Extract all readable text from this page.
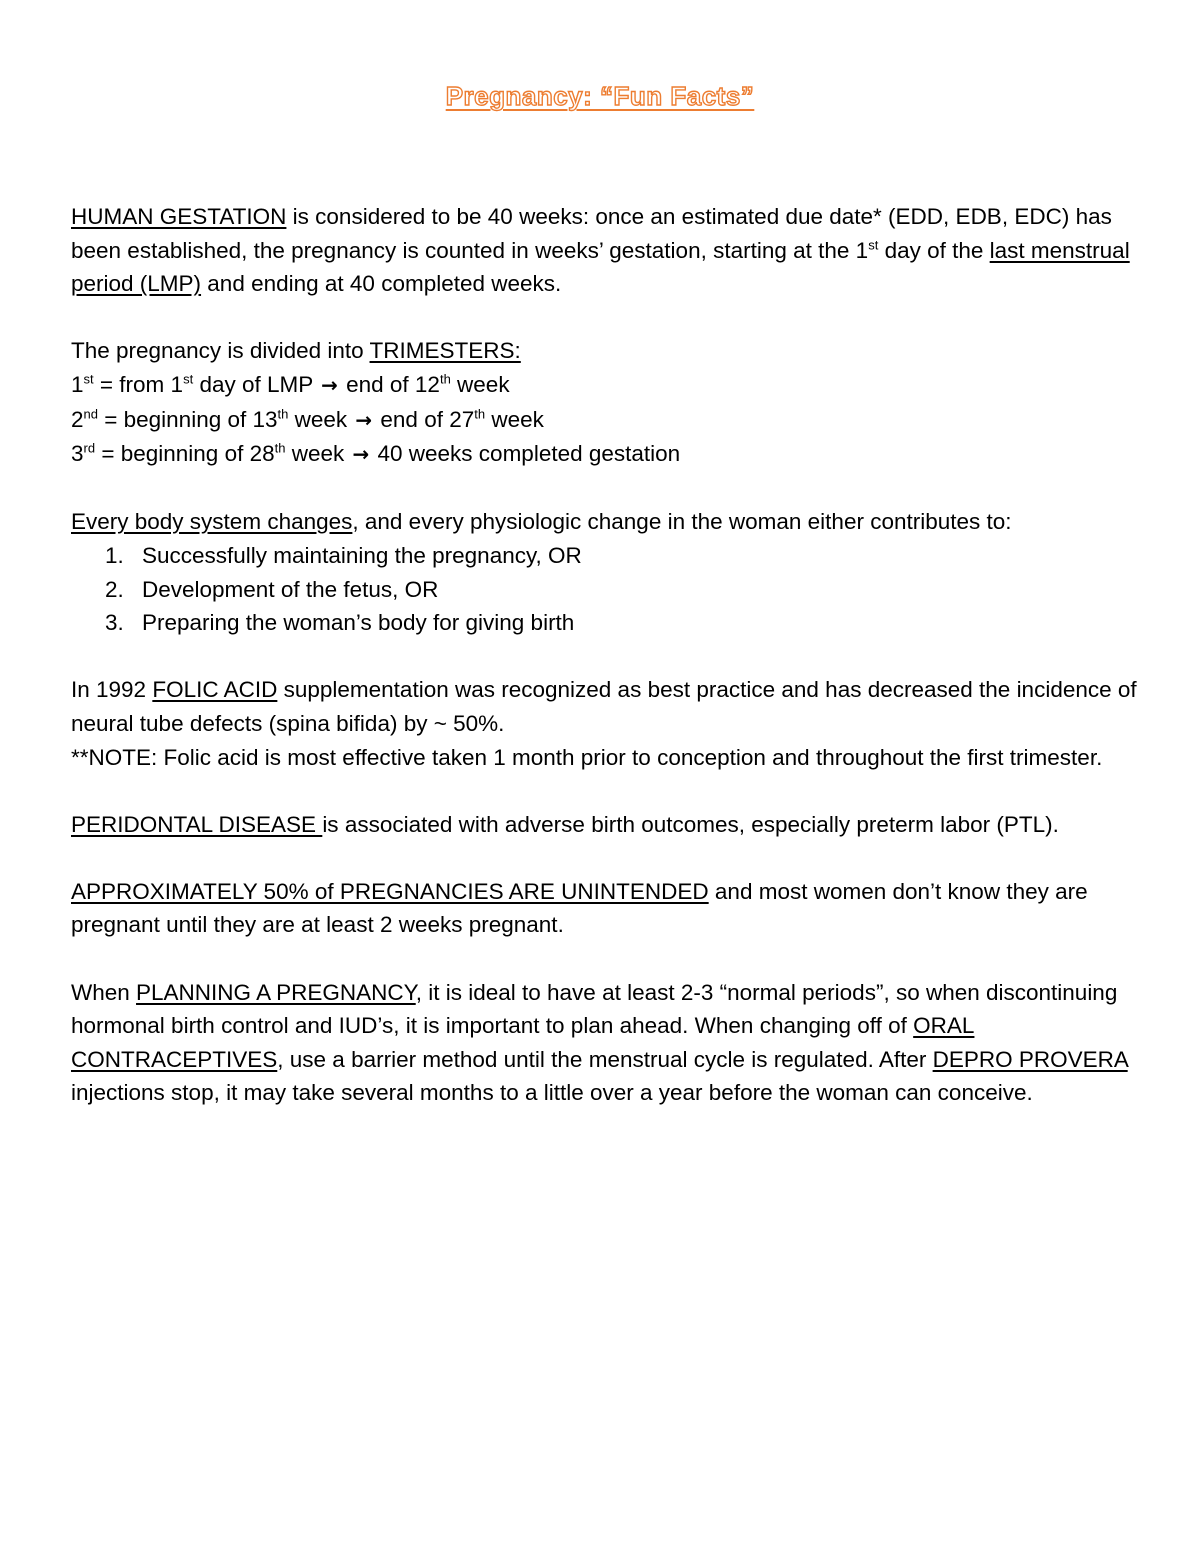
Pregnancy: “Fun Facts”

HUMAN GESTATION is considered to be 40 weeks: once an estimated due date* (EDD, EDB, EDC) has been established, the pregnancy is counted in weeks’ gestation, starting at the 1st day of the last menstrual period (LMP) and ending at 40 completed weeks.

The pregnancy is divided into TRIMESTERS:

1st = from 1st day of LMP → end of 12th week

2nd = beginning of 13th week → end of 27th week

3rd = beginning of 28th week → 40 weeks completed gestation

Every body system changes, and every physiologic change in the woman either contributes to:

1. Successfully maintaining the pregnancy, OR
2. Development of the fetus, OR
3. Preparing the woman’s body for giving birth

In 1992 FOLIC ACID supplementation was recognized as best practice and has decreased the incidence of neural tube defects (spina bifida) by ~ 50%.

**NOTE: Folic acid is most effective taken 1 month prior to conception and throughout the first trimester.

PERIDONTAL DISEASE is associated with adverse birth outcomes, especially preterm labor (PTL).

APPROXIMATELY 50% of PREGNANCIES ARE UNINTENDED and most women don’t know they are pregnant until they are at least 2 weeks pregnant.

When PLANNING A PREGNANCY, it is ideal to have at least 2-3 “normal periods”, so when discontinuing hormonal birth control and IUD’s, it is important to plan ahead. When changing off of ORAL CONTRACEPTIVES, use a barrier method until the menstrual cycle is regulated. After DEPRO PROVERA injections stop, it may take several months to a little over a year before the woman can conceive.
